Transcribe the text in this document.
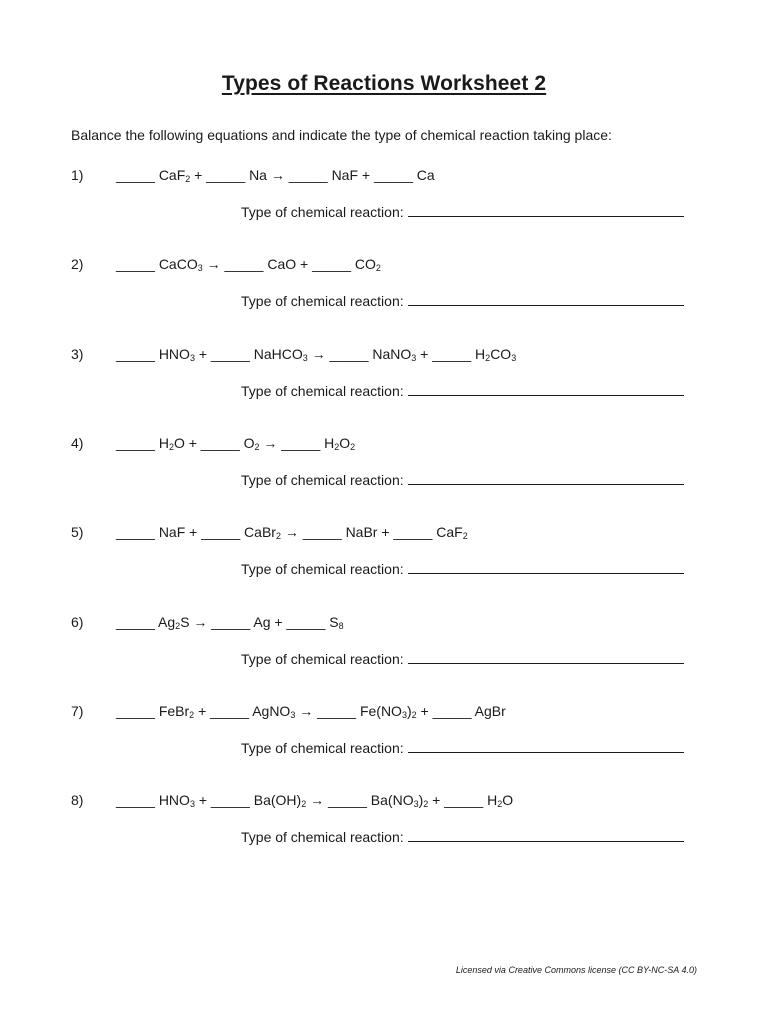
Types of Reactions Worksheet 2
Balance the following equations and indicate the type of chemical reaction taking place:
1) _____ CaF$_2$ + _____ Na → _____ NaF + _____ Ca
Type of chemical reaction:
2) _____ CaCO$_3$ → _____ CaO + _____ $CO_2$
Type of chemical reaction:
3) _____ $HNO_3$ + _____ NaHCO$_3$ → _____ NaNO$_3$ + _____ $H_2CO_3$
Type of chemical reaction:
4) _____ $H_2O$ + _____ $O_2$ → _____ $H_2O_2$
Type of chemical reaction:
5) _____ NaF + _____ CaBr$_2$ → _____ NaBr + _____ CaF$_2$
Type of chemical reaction:
6) _____ $Ag_2S$ → _____ Ag + _____ $S_8$
Type of chemical reaction:
7) _____ FeBr$_2$ + _____ AgNO$_3$ → _____ $Fe(NO_3)_2$ + _____ AgBr
Type of chemical reaction:
8) _____ $HNO_3$ + _____ $Ba(OH)_2$ → _____ $Ba(NO_3)_2$ + _____ $H_2O$
Type of chemical reaction:
Licensed via Creative Commons license (CC BY-NC-SA 4.0)
